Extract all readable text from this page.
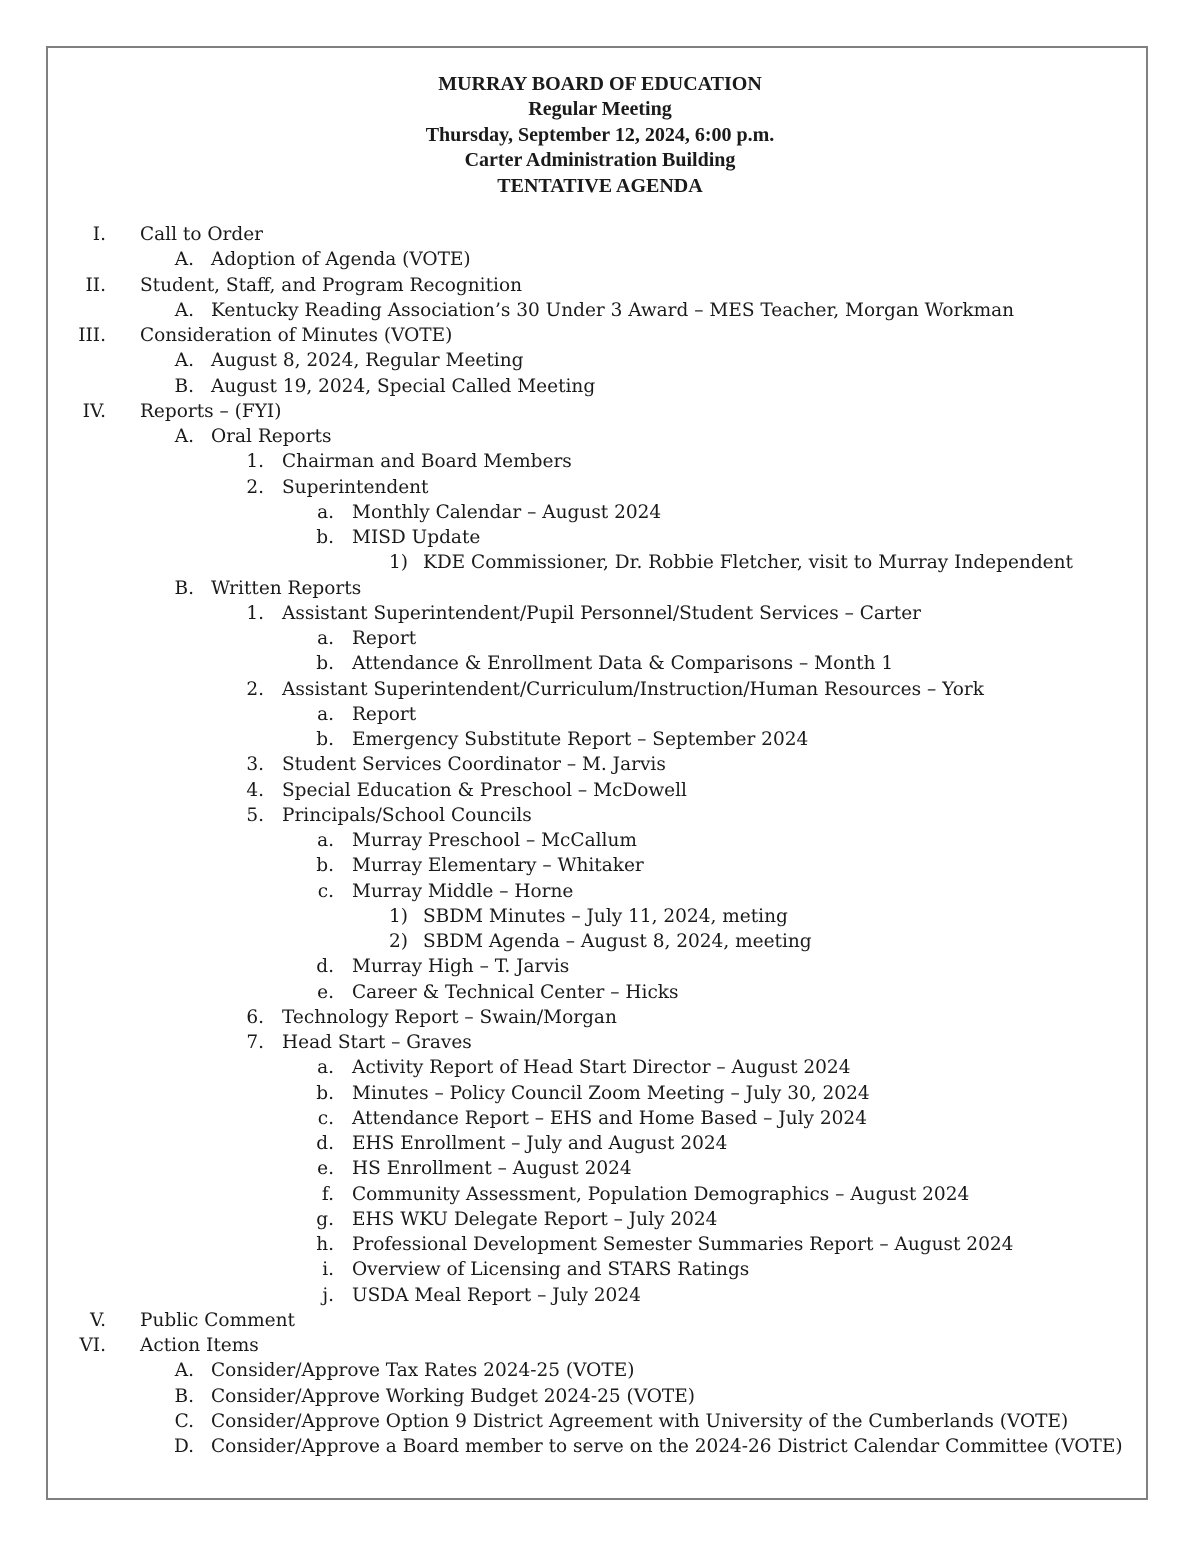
MURRAY BOARD OF EDUCATION
Regular Meeting
Thursday, September 12, 2024, 6:00 p.m.
Carter Administration Building
TENTATIVE AGENDA
I. Call to Order
A. Adoption of Agenda (VOTE)
II. Student, Staff, and Program Recognition
A. Kentucky Reading Association’s 30 Under 3 Award – MES Teacher, Morgan Workman
III. Consideration of Minutes (VOTE)
A. August 8, 2024, Regular Meeting
B. August 19, 2024, Special Called Meeting
IV. Reports – (FYI)
A. Oral Reports
1. Chairman and Board Members
2. Superintendent
a. Monthly Calendar – August 2024
b. MISD Update
1) KDE Commissioner, Dr. Robbie Fletcher, visit to Murray Independent
B. Written Reports
1. Assistant Superintendent/Pupil Personnel/Student Services – Carter
a. Report
b. Attendance & Enrollment Data & Comparisons – Month 1
2. Assistant Superintendent/Curriculum/Instruction/Human Resources – York
a. Report
b. Emergency Substitute Report – September 2024
3. Student Services Coordinator – M. Jarvis
4. Special Education & Preschool – McDowell
5. Principals/School Councils
a. Murray Preschool – McCallum
b. Murray Elementary – Whitaker
c. Murray Middle – Horne
1) SBDM Minutes – July 11, 2024, meting
2) SBDM Agenda – August 8, 2024, meeting
d. Murray High – T. Jarvis
e. Career & Technical Center – Hicks
6. Technology Report – Swain/Morgan
7. Head Start – Graves
a. Activity Report of Head Start Director – August 2024
b. Minutes – Policy Council Zoom Meeting – July 30, 2024
c. Attendance Report – EHS and Home Based – July 2024
d. EHS Enrollment – July and August 2024
e. HS Enrollment – August 2024
f. Community Assessment, Population Demographics – August 2024
g. EHS WKU Delegate Report – July 2024
h. Professional Development Semester Summaries Report – August 2024
i. Overview of Licensing and STARS Ratings
j. USDA Meal Report – July 2024
V. Public Comment
VI. Action Items
A. Consider/Approve Tax Rates 2024-25 (VOTE)
B. Consider/Approve Working Budget 2024-25 (VOTE)
C. Consider/Approve Option 9 District Agreement with University of the Cumberlands (VOTE)
D. Consider/Approve a Board member to serve on the 2024-26 District Calendar Committee (VOTE)
